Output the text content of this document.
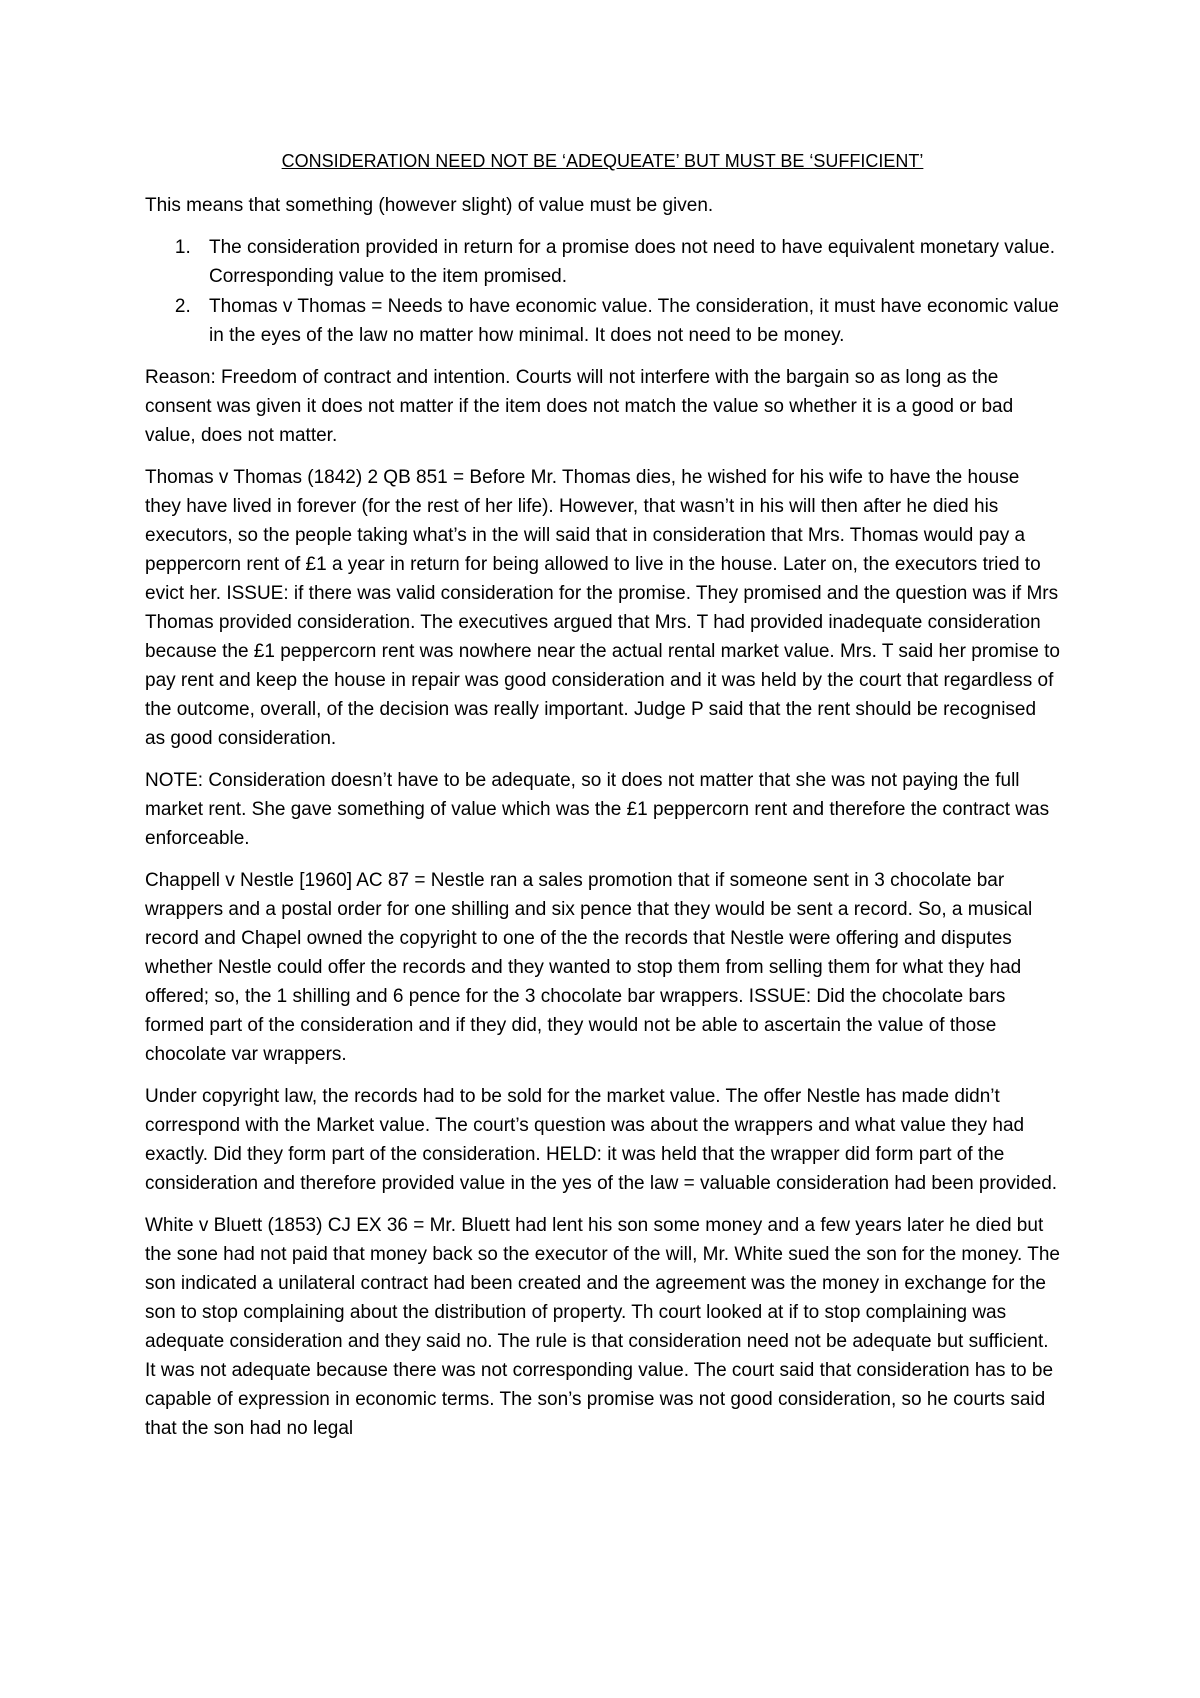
CONSIDERATION NEED NOT BE ‘ADEQUEATE’ BUT MUST BE ‘SUFFICIENT’

This means that something (however slight) of value must be given.

1. The consideration provided in return for a promise does not need to have equivalent monetary value. Corresponding value to the item promised.
2. Thomas v Thomas = Needs to have economic value. The consideration, it must have economic value in the eyes of the law no matter how minimal. It does not need to be money.

Reason: Freedom of contract and intention. Courts will not interfere with the bargain so as long as the consent was given it does not matter if the item does not match the value so whether it is a good or bad value, does not matter.

Thomas v Thomas (1842) 2 QB 851 = Before Mr. Thomas dies, he wished for his wife to have the house they have lived in forever (for the rest of her life). However, that wasn’t in his will then after he died his executors, so the people taking what’s in the will said that in consideration that Mrs. Thomas would pay a peppercorn rent of £1 a year in return for being allowed to live in the house. Later on, the executors tried to evict her. ISSUE: if there was valid consideration for the promise. They promised and the question was if Mrs Thomas provided consideration. The executives argued that Mrs. T had provided inadequate consideration because the £1 peppercorn rent was nowhere near the actual rental market value. Mrs. T said her promise to pay rent and keep the house in repair was good consideration and it was held by the court that regardless of the outcome, overall, of the decision was really important. Judge P said that the rent should be recognised as good consideration.

NOTE: Consideration doesn’t have to be adequate, so it does not matter that she was not paying the full market rent. She gave something of value which was the £1 peppercorn rent and therefore the contract was enforceable.

Chappell v Nestle [1960] AC 87 = Nestle ran a sales promotion that if someone sent in 3 chocolate bar wrappers and a postal order for one shilling and six pence that they would be sent a record. So, a musical record and Chapel owned the copyright to one of the the records that Nestle were offering and disputes whether Nestle could offer the records and they wanted to stop them from selling them for what they had offered; so, the 1 shilling and 6 pence for the 3 chocolate bar wrappers. ISSUE: Did the chocolate bars formed part of the consideration and if they did, they would not be able to ascertain the value of those chocolate var wrappers.

Under copyright law, the records had to be sold for the market value. The offer Nestle has made didn’t correspond with the Market value. The court’s question was about the wrappers and what value they had exactly. Did they form part of the consideration. HELD: it was held that the wrapper did form part of the consideration and therefore provided value in the yes of the law = valuable consideration had been provided.

White v Bluett (1853) CJ EX 36 = Mr. Bluett had lent his son some money and a few years later he died but the sone had not paid that money back so the executor of the will, Mr. White sued the son for the money. The son indicated a unilateral contract had been created and the agreement was the money in exchange for the son to stop complaining about the distribution of property. Th court looked at if to stop complaining was adequate consideration and they said no. The rule is that consideration need not be adequate but sufficient. It was not adequate because there was not corresponding value. The court said that consideration has to be capable of expression in economic terms. The son’s promise was not good consideration, so he courts said that the son had no legal
